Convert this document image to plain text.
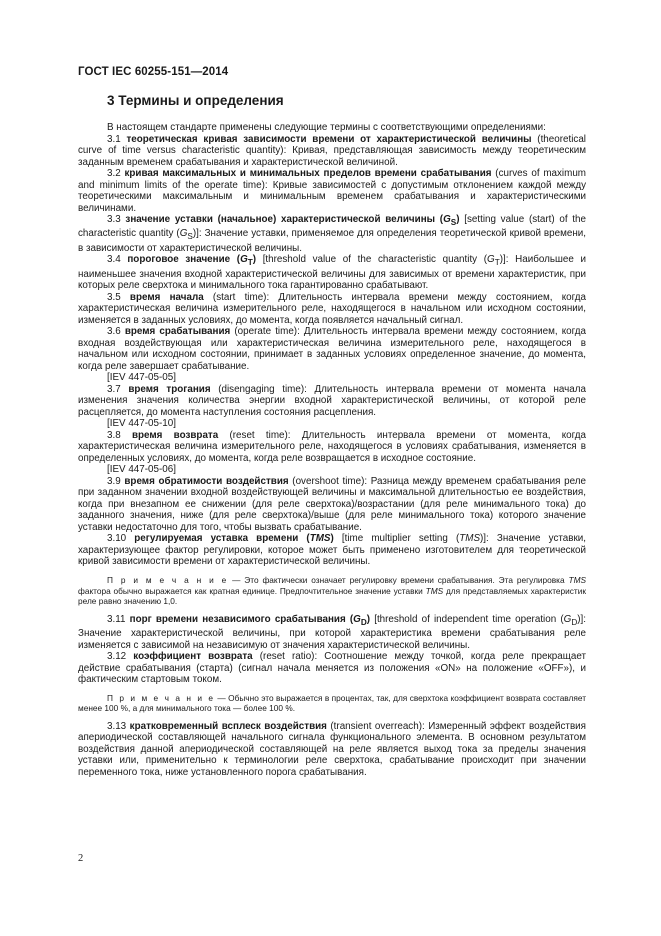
ГОСТ IEC 60255-151—2014
3 Термины и определения

В настоящем стандарте применены следующие термины с соответствующими определениями:

3.1 теоретическая кривая зависимости времени от характеристической величины (theoretical curve of time versus characteristic quantity): Кривая, представляющая зависимость между теоретическим заданным временем срабатывания и характеристической величиной.

3.2 кривая максимальных и минимальных пределов времени срабатывания (curves of maximum and minimum limits of the operate time): Кривые зависимостей с допустимым отклонением каждой между теоретическими максимальным и минимальным временем срабатывания и характеристическими величинами.

3.3 значение уставки (начальное) характеристической величины $(G_S)$ [setting value (start) of the characteristic quantity $(G_S)$]: Значение уставки, применяемое для определения теоретической кривой времени, в зависимости от характеристической величины.

3.4 пороговое значение $(G_T)$ [threshold value of the characteristic quantity $(G_T)$]: Наибольшее и наименьшее значения входной характеристической величины для зависимых от времени характеристик, при которых реле сверхтока и минимального тока гарантированно срабатывают.

3.5 время начала (start time): Длительность интервала времени между состоянием, когда характеристическая величина измерительного реле, находящегося в начальном или исходном состоянии, изменяется в заданных условиях, до момента, когда появляется начальный сигнал.

3.6 время срабатывания (operate time): Длительность интервала времени между состоянием, когда входная воздействующая или характеристическая величина измерительного реле, находящегося в начальном или исходном состоянии, принимает в заданных условиях определенное значение, до момента, когда реле завершает срабатывание.

[IEV 447-05-05]

3.7 время трогания (disengaging time): Длительность интервала времени от момента начала изменения значения количества энергии входной характеристической величины, от которой реле расцепляется, до момента наступления состояния расцепления.

[IEV 447-05-10]

3.8 время возврата (reset time): Длительность интервала времени от момента, когда характеристическая величина измерительного реле, находящегося в условиях срабатывания, изменяется в определенных условиях, до момента, когда реле возвращается в исходное состояние.

[IEV 447-05-06]

3.9 время обратимости воздействия (overshoot time): Разница между временем срабатывания реле при заданном значении входной воздействующей величины и максимальной длительностью ее воздействия, когда при внезапном ее снижении (для реле сверхтока)/возрастании (для реле минимального тока) до заданного значения, ниже (для реле сверхтока)/выше (для реле минимального тока) которого значение уставки недостаточно для того, чтобы вызвать срабатывание.

3.10 регулируемая уставка времени (TMS) [time multiplier setting (TMS)]: Значение уставки, характеризующее фактор регулировки, которое может быть применено изготовителем для теоретической кривой зависимости времени от характеристической величины.

П р и м е ч а н и е — Это фактически означает регулировку времени срабатывания. Эта регулировка TMS фактора обычно выражается как кратная единице. Предпочтительное значение уставки TMS для представляемых характеристик реле равно значению 1,0.

3.11 порг времени независимого срабатывания $(G_D)$ [threshold of independent time operation $(G_D)$]: Значение характеристической величины, при которой характеристика времени срабатывания реле изменяется с зависимой на независимую от значения характеристической величины.

3.12 коэффициент возврата (reset ratio): Соотношение между точкой, когда реле прекращает действие срабатывания (старта) (сигнал начала меняется из положения «ON» на положение «OFF»), и фактическим стартовым током.

П р и м е ч а н и е — Обычно это выражается в процентах, так, для сверхтока коэффициент возврата составляет менее 100 %, а для минимального тока — более 100 %.

3.13 кратковременный всплеск воздействия (transient overreach): Измеренный эффект воздействия апериодической составляющей начального сигнала функционального элемента. В основном результатом воздействия данной апериодической составляющей на реле является выход тока за пределы значения уставки или, применительно к терминологии реле сверхтока, срабатывание происходит при значении переменного тока, ниже установленного порога срабатывания.

2
